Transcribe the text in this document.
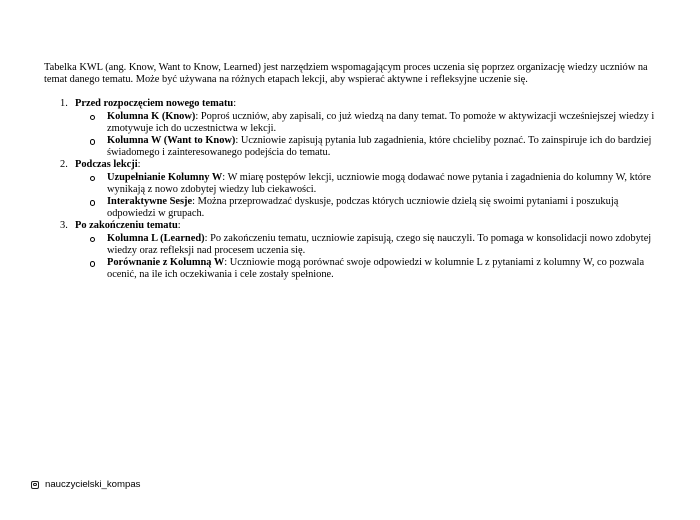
Tabelka KWL (ang. Know, Want to Know, Learned) jest narzędziem wspomagającym proces uczenia się poprzez organizację wiedzy uczniów na temat danego tematu. Może być używana na różnych etapach lekcji, aby wspierać aktywne i refleksyjne uczenie się.

1. Przed rozpoczęciem nowego tematu:
Kolumna K (Know): Poproś uczniów, aby zapisali, co już wiedzą na dany temat. To pomoże w aktywizacji wcześniejszej wiedzy i zmotywuje ich do uczestnictwa w lekcji.
Kolumna W (Want to Know): Uczniowie zapisują pytania lub zagadnienia, które chcieliby poznać. To zainspiruje ich do bardziej świadomego i zainteresowanego podejścia do tematu.
2. Podczas lekcji:
Uzupełnianie Kolumny W: W miarę postępów lekcji, uczniowie mogą dodawać nowe pytania i zagadnienia do kolumny W, które wynikają z nowo zdobytej wiedzy lub ciekawości.
Interaktywne Sesje: Można przeprowadzać dyskusje, podczas których uczniowie dzielą się swoimi pytaniami i poszukują odpowiedzi w grupach.
3. Po zakończeniu tematu:
Kolumna L (Learned): Po zakończeniu tematu, uczniowie zapisują, czego się nauczyli. To pomaga w konsolidacji nowo zdobytej wiedzy oraz refleksji nad procesem uczenia się.
Porównanie z Kolumną W: Uczniowie mogą porównać swoje odpowiedzi w kolumnie L z pytaniami z kolumny W, co pozwala ocenić, na ile ich oczekiwania i cele zostały spełnione.
nauczycielski_kompas
